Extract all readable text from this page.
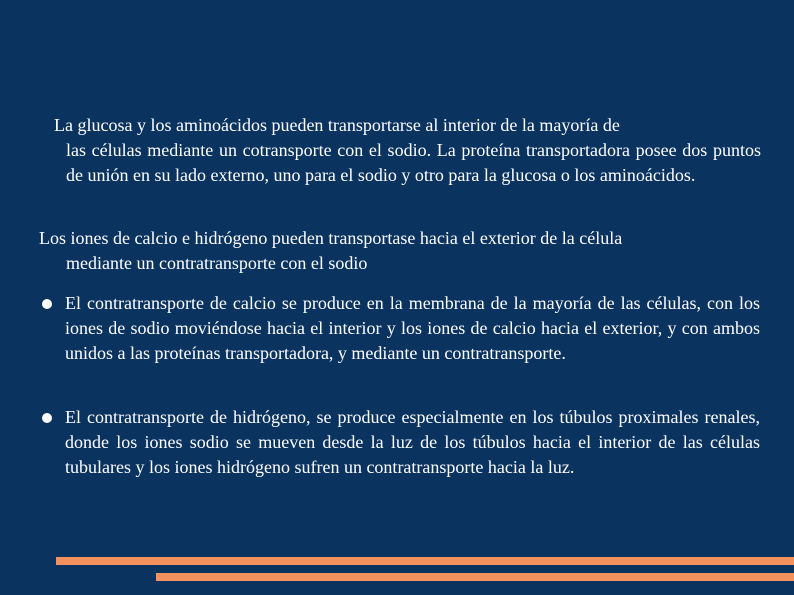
La glucosa y los aminoácidos pueden transportarse al interior de la mayoría de
las células mediante un cotransporte con el sodio. La proteína transportadora posee dos puntos de unión en su lado externo, uno para el sodio y otro para la glucosa o los aminoácidos.
Los iones de calcio e hidrógeno pueden transportase hacia el exterior de la célula
mediante un contratransporte con el sodio
El contratransporte de calcio se produce en la membrana de la mayoría de las células, con los iones de sodio moviéndose hacia el interior y los iones de calcio hacia el exterior, y con ambos unidos a las proteínas transportadora, y mediante un contratransporte.
El contratransporte de hidrógeno, se produce especialmente en los túbulos proximales renales, donde los iones sodio se mueven desde la luz de los túbulos hacia el interior de las células tubulares y los iones hidrógeno sufren un contratransporte hacia la luz.
